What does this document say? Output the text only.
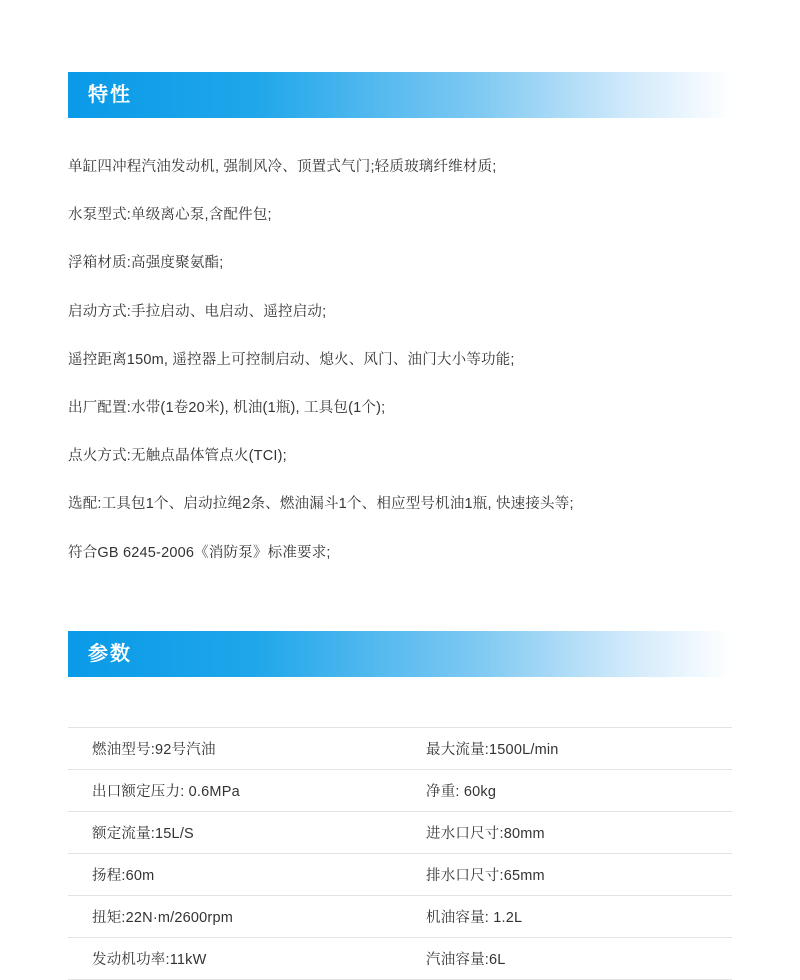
特性
单缸四冲程汽油发动机, 强制风冷、顶置式气门;轻质玻璃纤维材质;
水泵型式:单级离心泵,含配件包;
浮箱材质:高强度聚氨酯;
启动方式:手拉启动、电启动、遥控启动;
遥控距离150m, 遥控器上可控制启动、熄火、风门、油门大小等功能;
出厂配置:水带(1卷20米), 机油(1瓶), 工具包(1个);
点火方式:无触点晶体管点火(TCI);
选配:工具包1个、启动拉绳2条、燃油漏斗1个、相应型号机油1瓶, 快速接头等;
符合GB 6245-2006《消防泵》标准要求;
参数
燃油型号:92号汽油	最大流量:1500L/min
出口额定压力: 0.6MPa	净重: 60kg
额定流量:15L/S	进水口尺寸:80mm
扬程:60m	排水口尺寸:65mm
扭矩:22N·m/2600rpm	机油容量: 1.2L
发动机功率:11kW	汽油容量:6L
